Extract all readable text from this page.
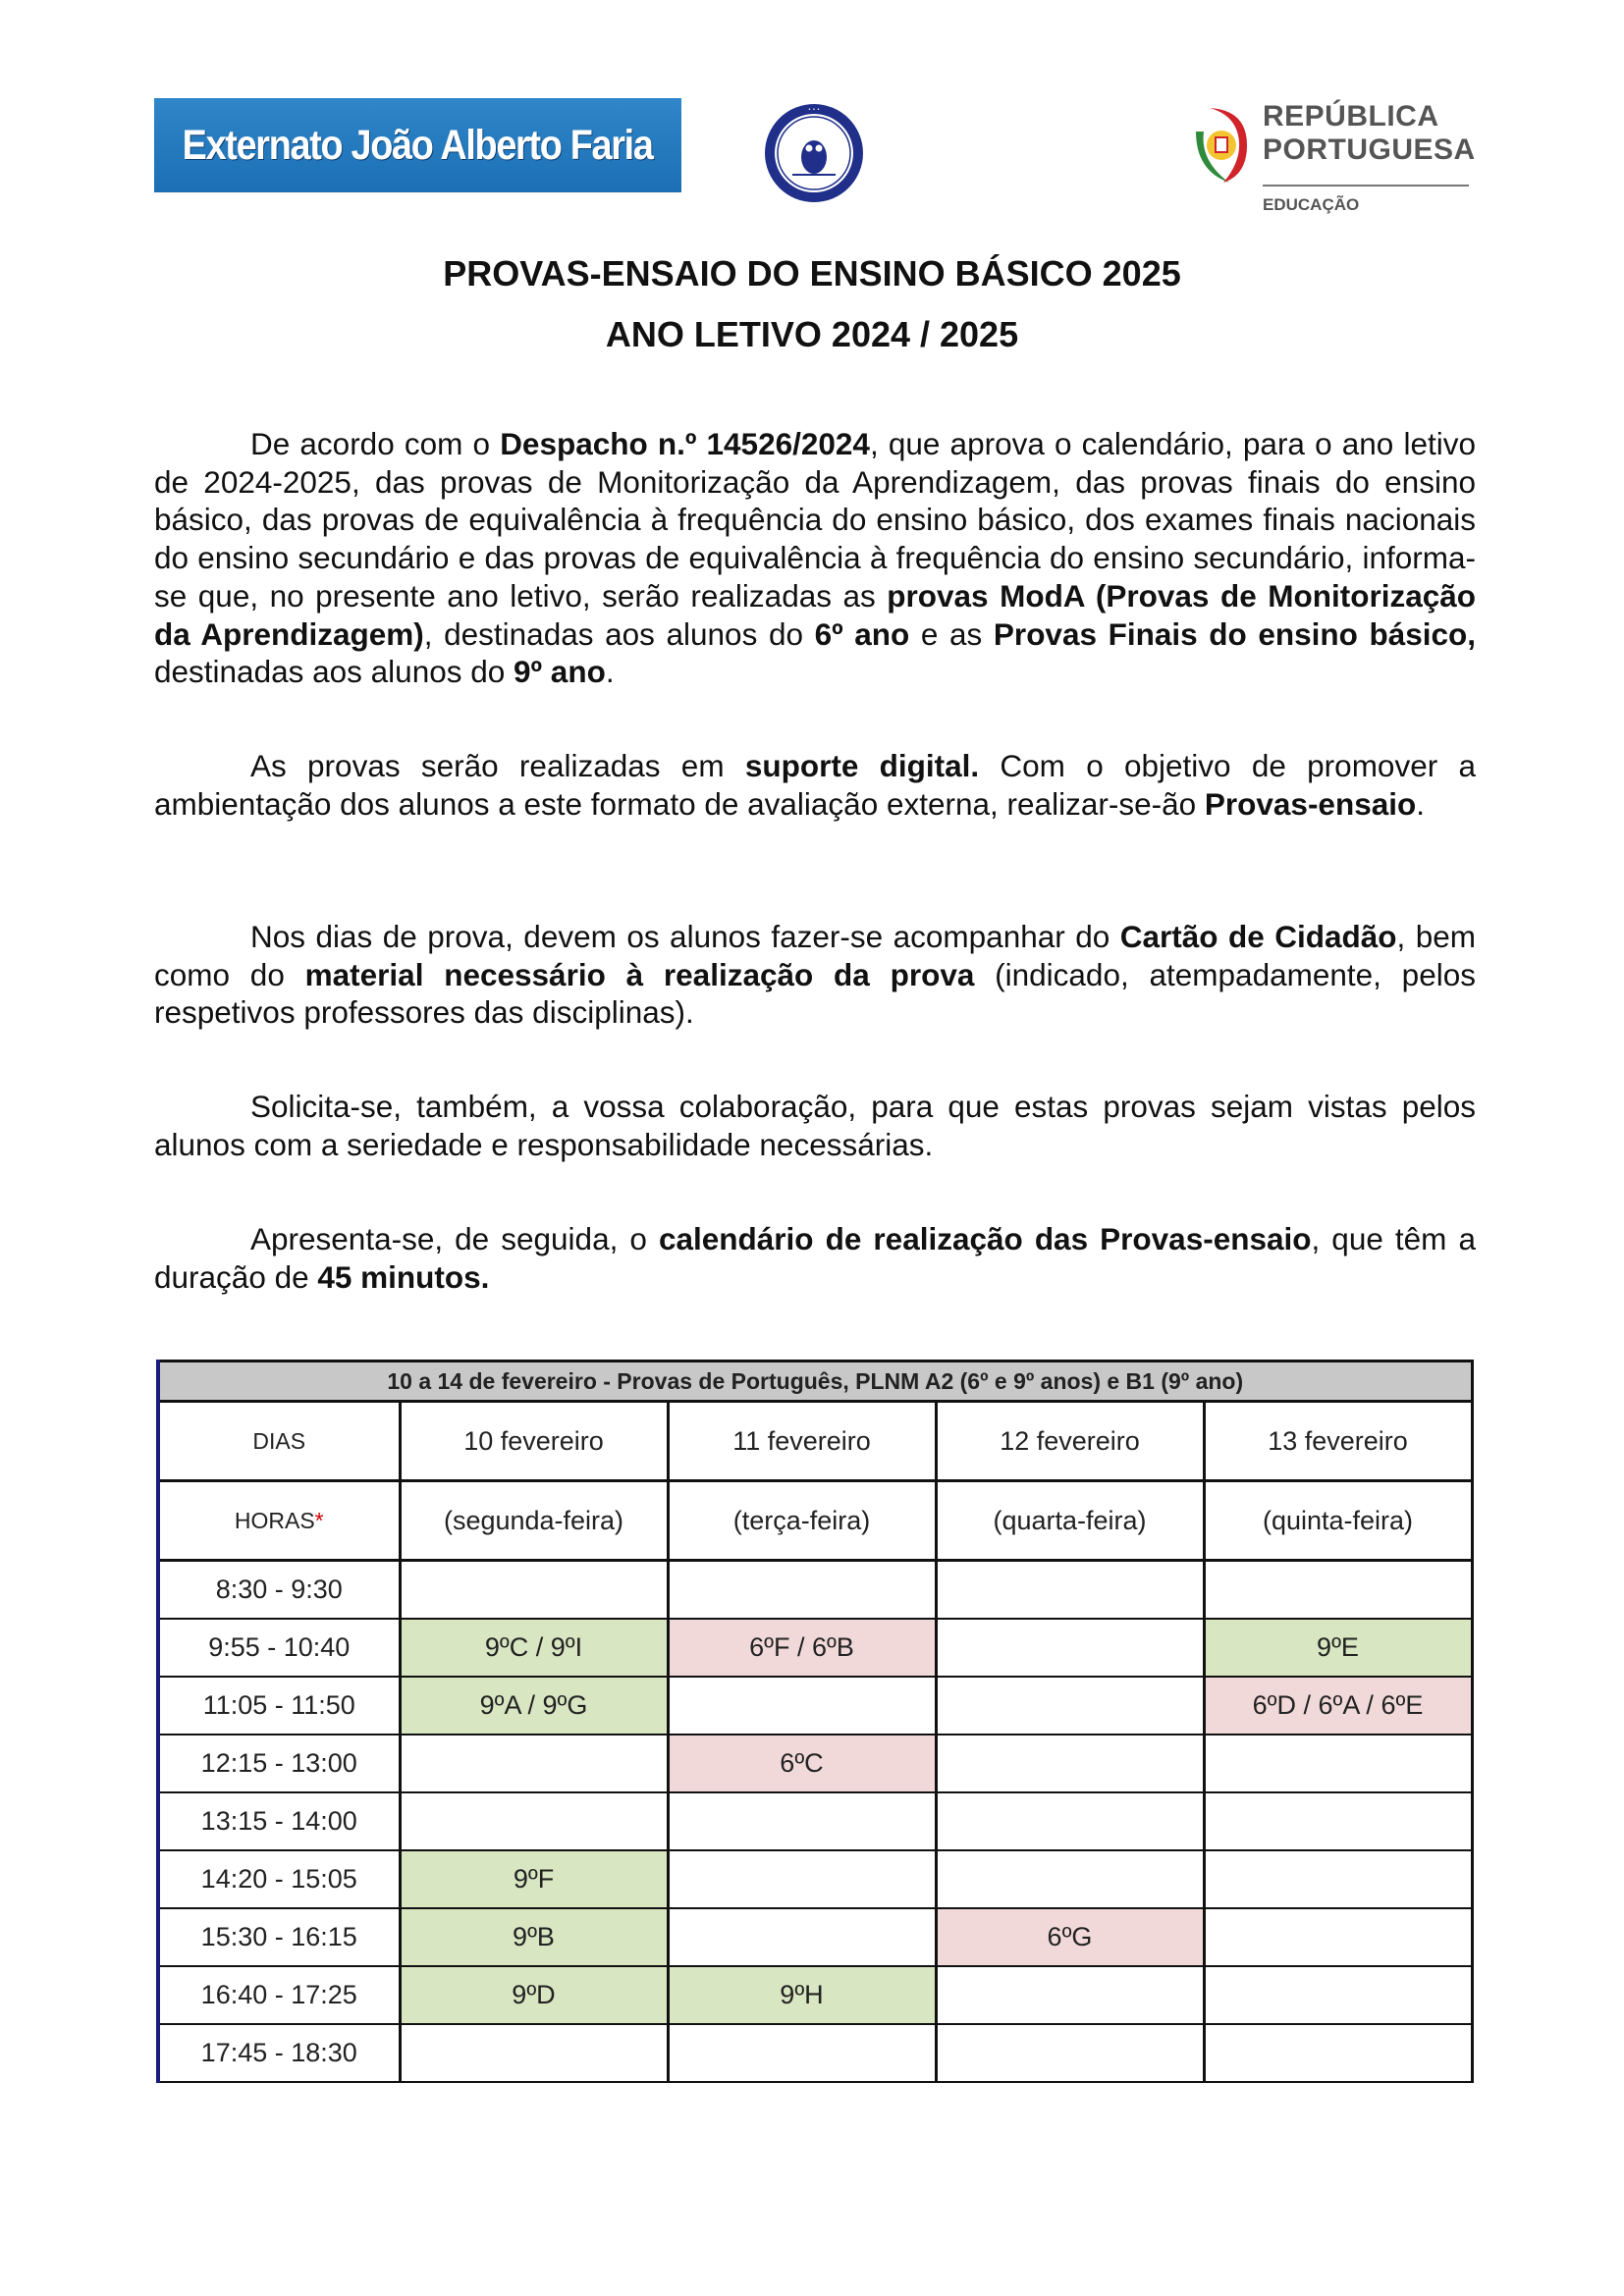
Externato João Alberto Faria
• • •	REPÚBLICA
PORTUGUESA
EDUCAÇÃO
PROVAS-ENSAIO DO ENSINO BÁSICO 2025
ANO LETIVO 2024 / 2025
De acordo com o Despacho n.º 14526/2024, que aprova o calendário, para o ano letivo de 2024-2025, das provas de Monitorização da Aprendizagem, das provas finais do ensino básico, das provas de equivalência à frequência do ensino básico, dos exames finais nacionais do ensino secundário e das provas de equivalência à frequência do ensino secundário, informa-se que, no presente ano letivo, serão realizadas as provas ModA (Provas de Monitorização da Aprendizagem), destinadas aos alunos do 6º ano e as Provas Finais do ensino básico, destinadas aos alunos do 9º ano.
As provas serão realizadas em suporte digital. Com o objetivo de promover a ambientação dos alunos a este formato de avaliação externa, realizar-se-ão Provas-ensaio.
Nos dias de prova, devem os alunos fazer-se acompanhar do Cartão de Cidadão, bem como do material necessário à realização da prova (indicado, atempadamente, pelos respetivos professores das disciplinas).
Solicita-se, também, a vossa colaboração, para que estas provas sejam vistas pelos alunos com a seriedade e responsabilidade necessárias.
Apresenta-se, de seguida, o calendário de realização das Provas-ensaio, que têm a duração de 45 minutos.
10 a 14 de fevereiro - Provas de Português, PLNM A2 (6º e 9º anos) e B1 (9º ano)				
DIAS	10 fevereiro	11 fevereiro	12 fevereiro	13 fevereiro
HORAS*	(segunda-feira)	(terça-feira)	(quarta-feira)	(quinta-feira)
8:30 - 9:30				
9:55 - 10:40	9ºC / 9ºI	6ºF / 6ºB		9ºE
11:05 - 11:50	9ºA / 9ºG			6ºD / 6ºA / 6ºE
12:15 - 13:00		6ºC		
13:15 - 14:00				
14:20 - 15:05	9ºF			
15:30 - 16:15	9ºB		6ºG	
16:40 - 17:25	9ºD	9ºH		
17:45 - 18:30				
